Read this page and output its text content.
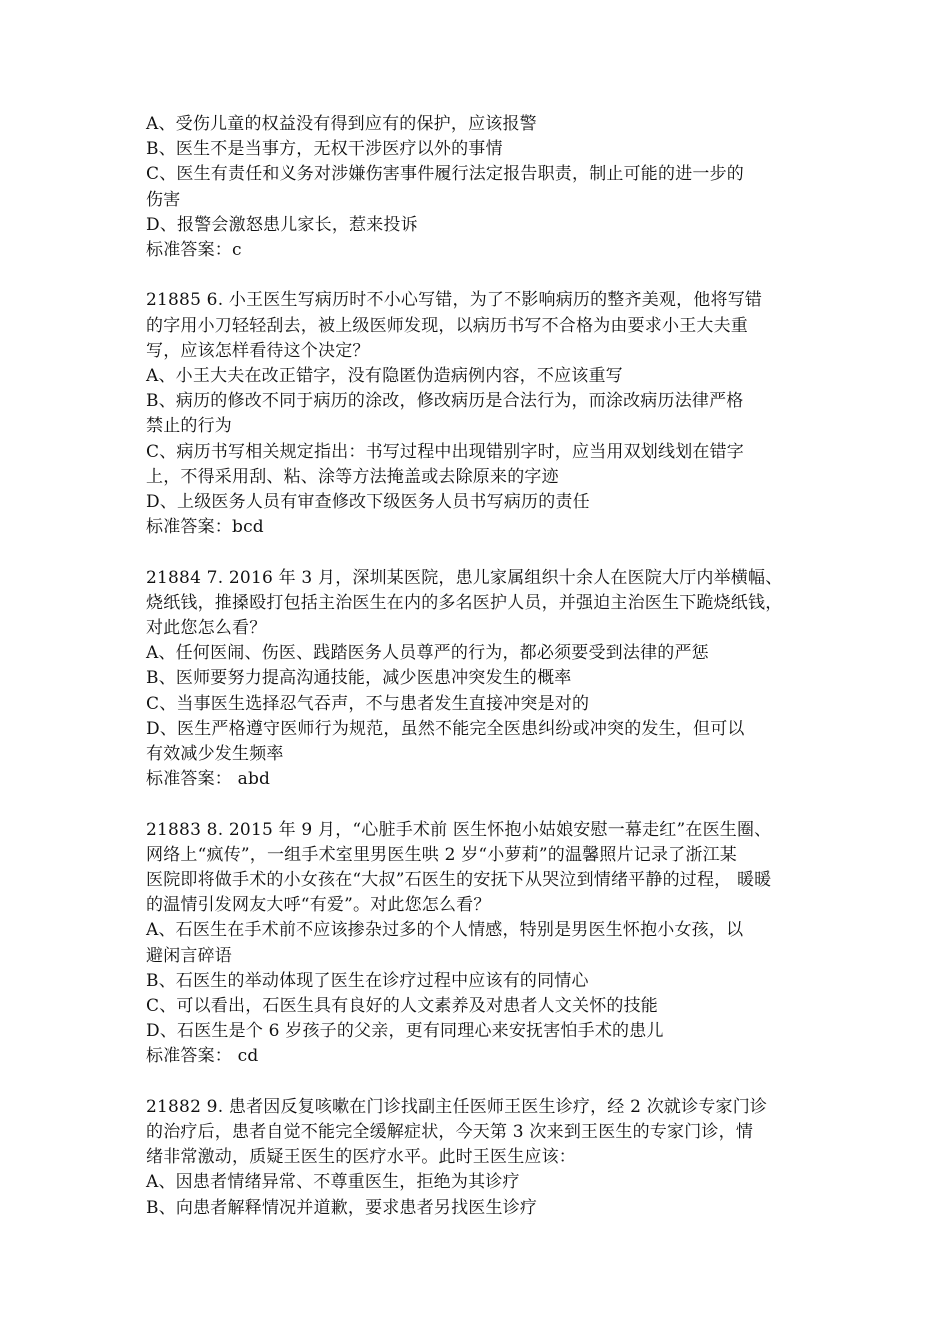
A、受伤儿童的权益没有得到应有的保护，应该报警
B、医生不是当事方，无权干涉医疗以外的事情
C、医生有责任和义务对涉嫌伤害事件履行法定报告职责，制止可能的进一步的
伤害
D、报警会激怒患儿家长，惹来投诉
标准答案：c
21885 6. 小王医生写病历时不小心写错，为了不影响病历的整齐美观，他将写错
的字用小刀轻轻刮去，被上级医师发现，以病历书写不合格为由要求小王大夫重
写，应该怎样看待这个决定？
A、小王大夫在改正错字，没有隐匿伪造病例内容，不应该重写
B、病历的修改不同于病历的涂改，修改病历是合法行为，而涂改病历法律严格
禁止的行为
C、病历书写相关规定指出：书写过程中出现错别字时，应当用双划线划在错字
上，不得采用刮、粘、涂等方法掩盖或去除原来的字迹
D、上级医务人员有审查修改下级医务人员书写病历的责任
标准答案：bcd
21884 7. 2016 年 3 月，深圳某医院，患儿家属组织十余人在医院大厅内举横幅、
烧纸钱，推搡殴打包括主治医生在内的多名医护人员，并强迫主治医生下跪烧纸钱，
对此您怎么看？
A、任何医闹、伤医、践踏医务人员尊严的行为，都必须要受到法律的严惩
B、医师要努力提高沟通技能，减少医患冲突发生的概率
C、当事医生选择忍气吞声，不与患者发生直接冲突是对的
D、医生严格遵守医师行为规范，虽然不能完全医患纠纷或冲突的发生，但可以
有效减少发生频率
标准答案： abd
21883 8. 2015 年 9 月，“心脏手术前 医生怀抱小姑娘安慰一幕走红”在医生圈、
网络上“疯传”，一组手术室里男医生哄 2 岁“小萝莉”的温馨照片记录了浙江某
医院即将做手术的小女孩在“大叔”石医生的安抚下从哭泣到情绪平静的过程， 暖暖
的温情引发网友大呼“有爱”。对此您怎么看？
A、石医生在手术前不应该掺杂过多的个人情感，特别是男医生怀抱小女孩，以
避闲言碎语
B、石医生的举动体现了医生在诊疗过程中应该有的同情心
C、可以看出，石医生具有良好的人文素养及对患者人文关怀的技能
D、石医生是个 6 岁孩子的父亲，更有同理心来安抚害怕手术的患儿
标准答案： cd
21882 9. 患者因反复咳嗽在门诊找副主任医师王医生诊疗，经 2 次就诊专家门诊
的治疗后，患者自觉不能完全缓解症状，今天第 3 次来到王医生的专家门诊，情
绪非常激动，质疑王医生的医疗水平。此时王医生应该：
A、因患者情绪异常、不尊重医生，拒绝为其诊疗
B、向患者解释情况并道歉，要求患者另找医生诊疗
